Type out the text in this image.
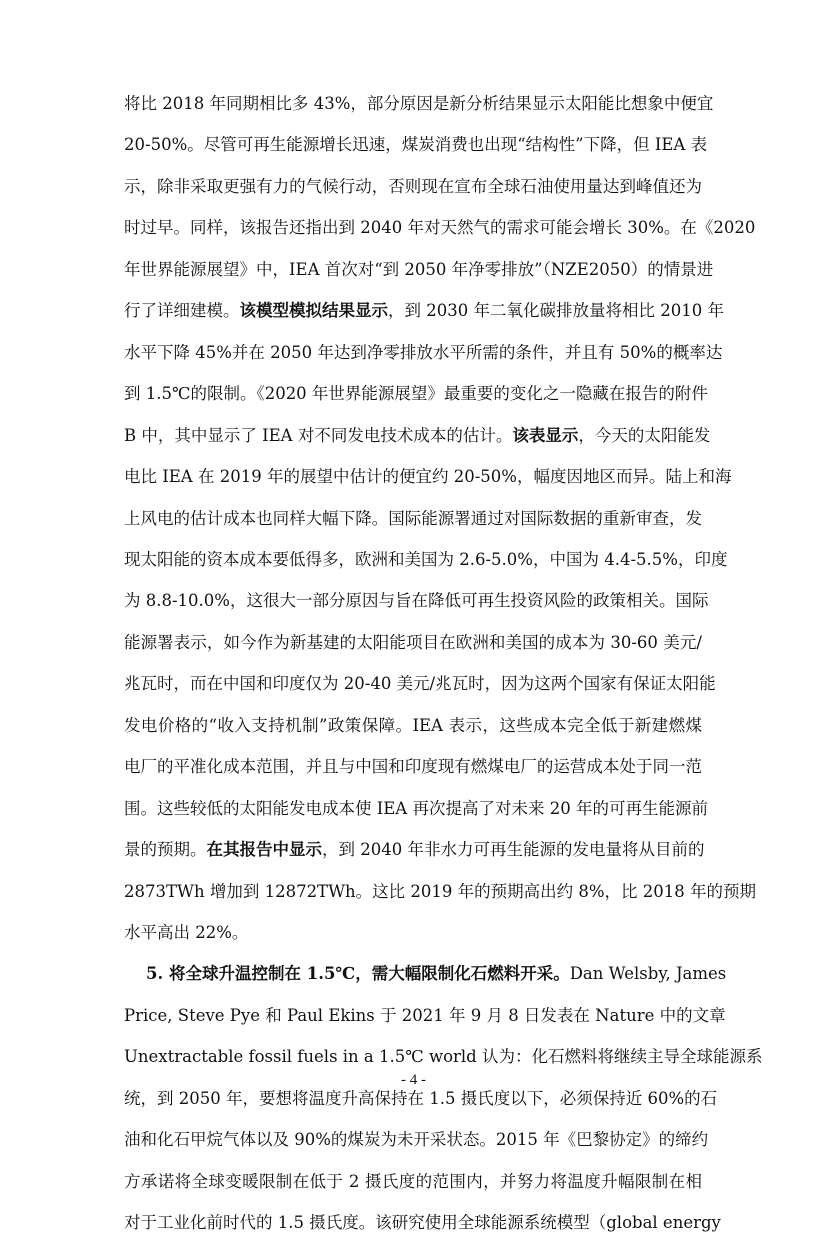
将比 2018 年同期相比多 43%，部分原因是新分析结果显示太阳能比想象中便宜
20-50%。尽管可再生能源增长迅速，煤炭消费也出现“结构性”下降，但 IEA 表
示，除非采取更强有力的气候行动，否则现在宣布全球石油使用量达到峰值还为
时过早。同样，该报告还指出到 2040 年对天然气的需求可能会增长 30%。在《2020
年世界能源展望》中，IEA 首次对“到 2050 年净零排放”（NZE2050）的情景进
行了详细建模。该模型模拟结果显示，到 2030 年二氧化碳排放量将相比 2010 年
水平下降 45%并在 2050 年达到净零排放水平所需的条件，并且有 50%的概率达
到 1.5℃的限制。《2020 年世界能源展望》最重要的变化之一隐藏在报告的附件
B 中，其中显示了 IEA 对不同发电技术成本的估计。该表显示，今天的太阳能发
电比 IEA 在 2019 年的展望中估计的便宜约 20-50%，幅度因地区而异。陆上和海
上风电的估计成本也同样大幅下降。国际能源署通过对国际数据的重新审查，发
现太阳能的资本成本要低得多，欧洲和美国为 2.6-5.0%，中国为 4.4-5.5%，印度
为 8.8-10.0%，这很大一部分原因与旨在降低可再生投资风险的政策相关。国际
能源署表示，如今作为新基建的太阳能项目在欧洲和美国的成本为 30-60 美元/
兆瓦时，而在中国和印度仅为 20-40 美元/兆瓦时，因为这两个国家有保证太阳能
发电价格的“收入支持机制”政策保障。IEA 表示，这些成本完全低于新建燃煤
电厂的平准化成本范围，并且与中国和印度现有燃煤电厂的运营成本处于同一范
围。这些较低的太阳能发电成本使 IEA 再次提高了对未来 20 年的可再生能源前
景的预期。在其报告中显示，到 2040 年非水力可再生能源的发电量将从目前的
2873TWh 增加到 12872TWh。这比 2019 年的预期高出约 8%，比 2018 年的预期
水平高出 22%。
5. 将全球升温控制在 1.5℃，需大幅限制化石燃料开采。Dan Welsby, James
Price, Steve Pye 和 Paul Ekins 于 2021 年 9 月 8 日发表在 Nature 中的文章
Unextractable fossil fuels in a 1.5℃ world 认为：化石燃料将继续主导全球能源系
统，到 2050 年，要想将温度升高保持在 1.5 摄氏度以下，必须保持近 60%的石
油和化石甲烷气体以及 90%的煤炭为未开采状态。2015 年《巴黎协定》的缔约
方承诺将全球变暖限制在低于 2 摄氏度的范围内，并努力将温度升幅限制在相
对于工业化前时代的 1.5 摄氏度。该研究使用全球能源系统模型（global energy
- 4 -
